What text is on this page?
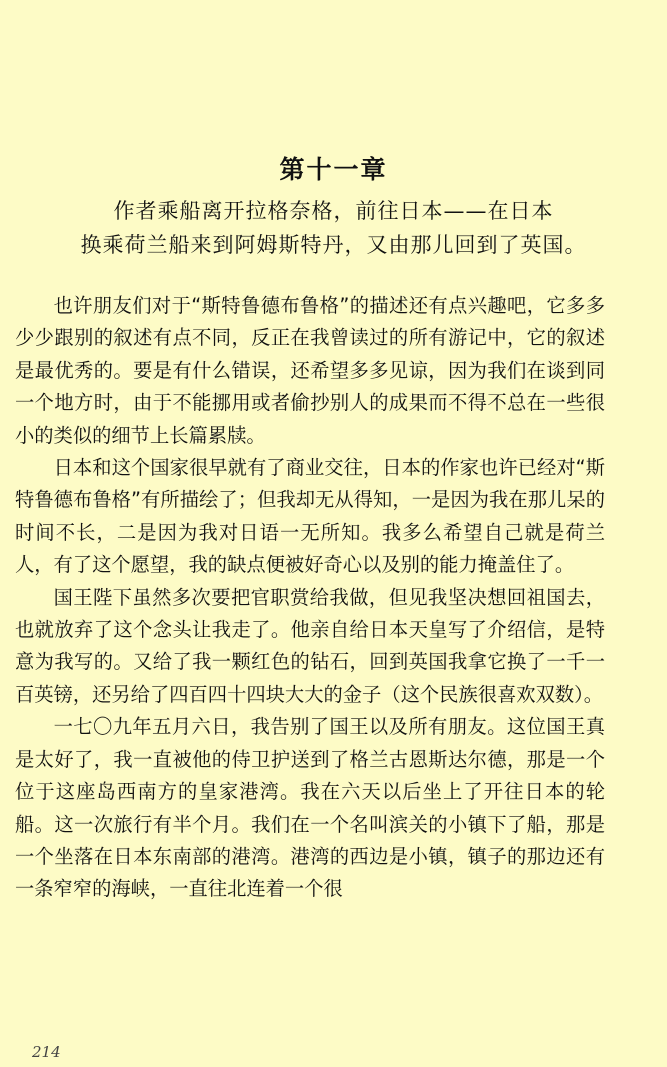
第十一章
作者乘船离开拉格奈格，前往日本——在日本
换乘荷兰船来到阿姆斯特丹，又由那儿回到了英国。

也许朋友们对于“斯特鲁德布鲁格”的描述还有点兴趣吧，它多多少少跟别的叙述有点不同，反正在我曾读过的所有游记中，它的叙述是最优秀的。要是有什么错误，还希望多多见谅，因为我们在谈到同一个地方时，由于不能挪用或者偷抄别人的成果而不得不总在一些很小的类似的细节上长篇累牍。

日本和这个国家很早就有了商业交往，日本的作家也许已经对“斯特鲁德布鲁格”有所描绘了；但我却无从得知，一是因为我在那儿呆的时间不长，二是因为我对日语一无所知。我多么希望自己就是荷兰人，有了这个愿望，我的缺点便被好奇心以及别的能力掩盖住了。

国王陛下虽然多次要把官职赏给我做，但见我坚决想回祖国去，也就放弃了这个念头让我走了。他亲自给日本天皇写了介绍信，是特意为我写的。又给了我一颗红色的钻石，回到英国我拿它换了一千一百英镑，还另给了四百四十四块大大的金子（这个民族很喜欢双数）。

一七〇九年五月六日，我告别了国王以及所有朋友。这位国王真是太好了，我一直被他的侍卫护送到了格兰古恩斯达尔德，那是一个位于这座岛西南方的皇家港湾。我在六天以后坐上了开往日本的轮船。这一次旅行有半个月。我们在一个名叫滨关的小镇下了船，那是一个坐落在日本东南部的港湾。港湾的西边是小镇，镇子的那边还有一条窄窄的海峡，一直往北连着一个很

214
